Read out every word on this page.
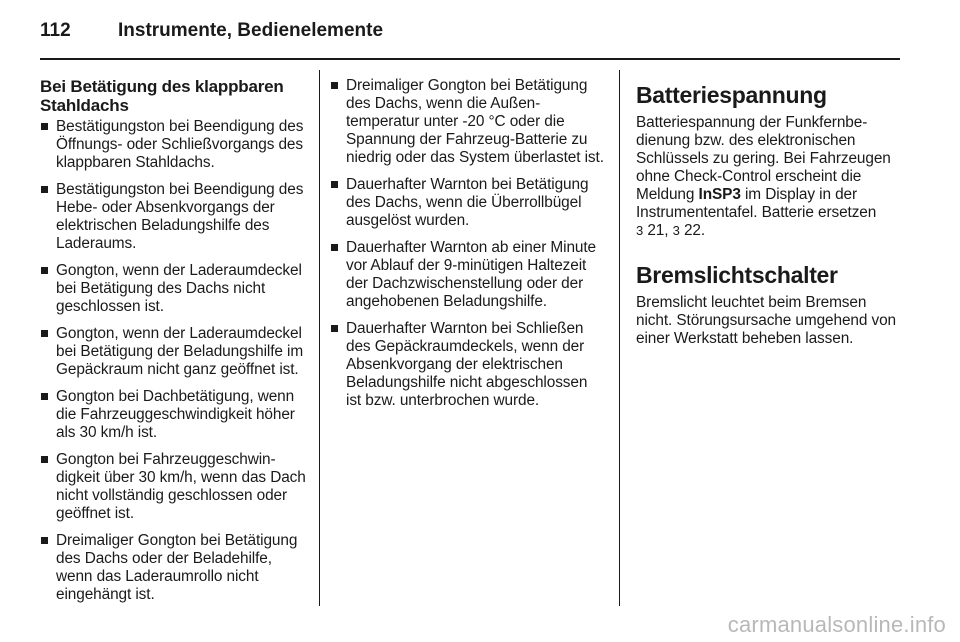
112	Instrumente, Bedienelemente
Bei Betätigung des klappbaren Stahldachs
Bestätigungston bei Beendigung des Öffnungs- oder Schließvorgangs des klappbaren Stahldachs.
Bestätigungston bei Beendigung des Hebe- oder Absenkvorgangs der elektrischen Beladungshilfe des Laderaums.
Gongton, wenn der Laderaumdeckel bei Betätigung des Dachs nicht geschlossen ist.
Gongton, wenn der Laderaumdeckel bei Betätigung der Beladungshilfe im Gepäckraum nicht ganz geöffnet ist.
Gongton bei Dachbetätigung, wenn die Fahrzeuggeschwindigkeit höher als 30 km/h ist.
Gongton bei Fahrzeuggeschwindigkeit über 30 km/h, wenn das Dach nicht vollständig geschlossen oder geöffnet ist.
Dreimaliger Gongton bei Betätigung des Dachs oder der Beladehilfe, wenn das Laderaumrollo nicht eingehängt ist.
Dreimaliger Gongton bei Betätigung des Dachs, wenn die Außentemperatur unter -20 °C oder die Spannung der Fahrzeug-Batterie zu niedrig oder das System überlastet ist.
Dauerhafter Warnton bei Betätigung des Dachs, wenn die Überrollbügel ausgelöst wurden.
Dauerhafter Warnton ab einer Minute vor Ablauf der 9-minütigen Haltezeit der Dachzwischenstellung oder der angehobenen Beladungshilfe.
Dauerhafter Warnton bei Schließen des Gepäckraumdeckels, wenn der Absenkvorgang der elektrischen Beladungshilfe nicht abgeschlossen ist bzw. unterbrochen wurde.
Batteriespannung

Batteriespannung der Funkfernbedienung bzw. des elektronischen Schlüssels zu gering. Bei Fahrzeugen ohne Check-Control erscheint die Meldung InSP3 im Display in der Instrumententafel. Batterie ersetzen
3 21, 3 22.

Bremslichtschalter

Bremslicht leuchtet beim Bremsen nicht. Störungsursache umgehend von einer Werkstatt beheben lassen.

carmanualsonline.info
